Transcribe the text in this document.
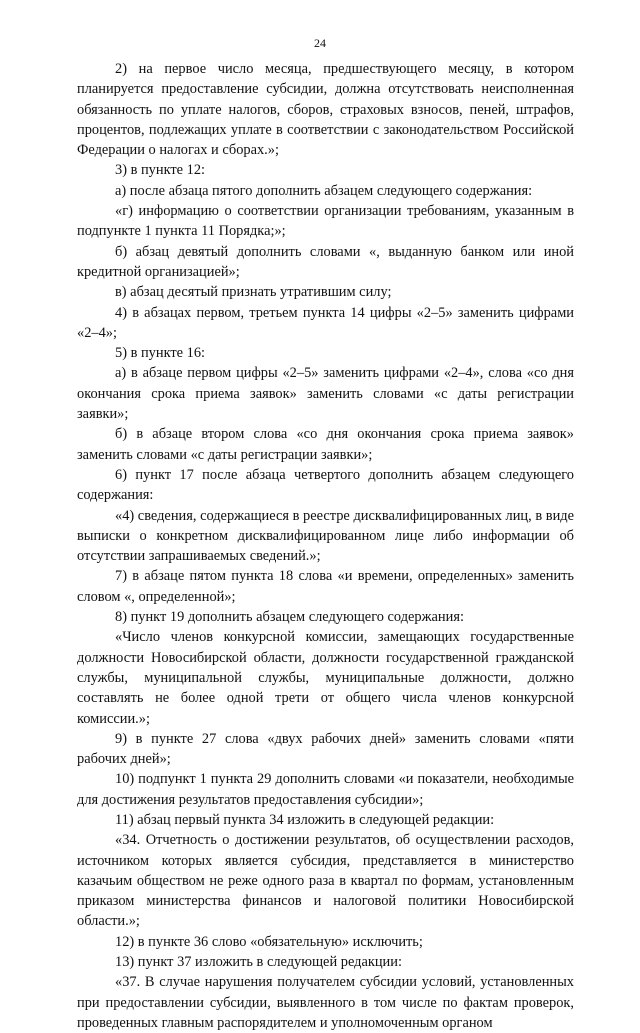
24

2) на первое число месяца, предшествующего месяцу, в котором планируется предоставление субсидии, должна отсутствовать неисполненная обязанность по уплате налогов, сборов, страховых взносов, пеней, штрафов, процентов, подлежащих уплате в соответствии с законодательством Российской Федерации о налогах и сборах.»;

3) в пункте 12:

а) после абзаца пятого дополнить абзацем следующего содержания:

«г) информацию о соответствии организации требованиям, указанным в подпункте 1 пункта 11 Порядка;»;

б) абзац девятый дополнить словами «, выданную банком или иной кредитной организацией»;

в) абзац десятый признать утратившим силу;

4) в абзацах первом, третьем пункта 14 цифры «2–5» заменить цифрами «2–4»;

5) в пункте 16:

а) в абзаце первом цифры «2–5» заменить цифрами «2–4», слова «со дня окончания срока приема заявок» заменить словами «с даты регистрации заявки»;

б) в абзаце втором слова «со дня окончания срока приема заявок» заменить словами «с даты регистрации заявки»;

6) пункт 17 после абзаца четвертого дополнить абзацем следующего содержания:

«4) сведения, содержащиеся в реестре дисквалифицированных лиц, в виде выписки о конкретном дисквалифицированном лице либо информации об отсутствии запрашиваемых сведений.»;

7) в абзаце пятом пункта 18 слова «и времени, определенных» заменить словом «, определенной»;

8) пункт 19 дополнить абзацем следующего содержания:

«Число членов конкурсной комиссии, замещающих государственные должности Новосибирской области, должности государственной гражданской службы, муниципальной службы, муниципальные должности, должно составлять не более одной трети от общего числа членов конкурсной комиссии.»;

9) в пункте 27 слова «двух рабочих дней» заменить словами «пяти рабочих дней»;

10) подпункт 1 пункта 29 дополнить словами «и показатели, необходимые для достижения результатов предоставления субсидии»;

11) абзац первый пункта 34 изложить в следующей редакции:

«34. Отчетность о достижении результатов, об осуществлении расходов, источником которых является субсидия, представляется в министерство казачьим обществом не реже одного раза в квартал по формам, установленным приказом министерства финансов и налоговой политики Новосибирской области.»;

12) в пункте 36 слово «обязательную» исключить;

13) пункт 37 изложить в следующей редакции:

«37. В случае нарушения получателем субсидии условий, установленных при предоставлении субсидии, выявленного в том числе по фактам проверок, проведенных главным распорядителем и уполномоченным органом
